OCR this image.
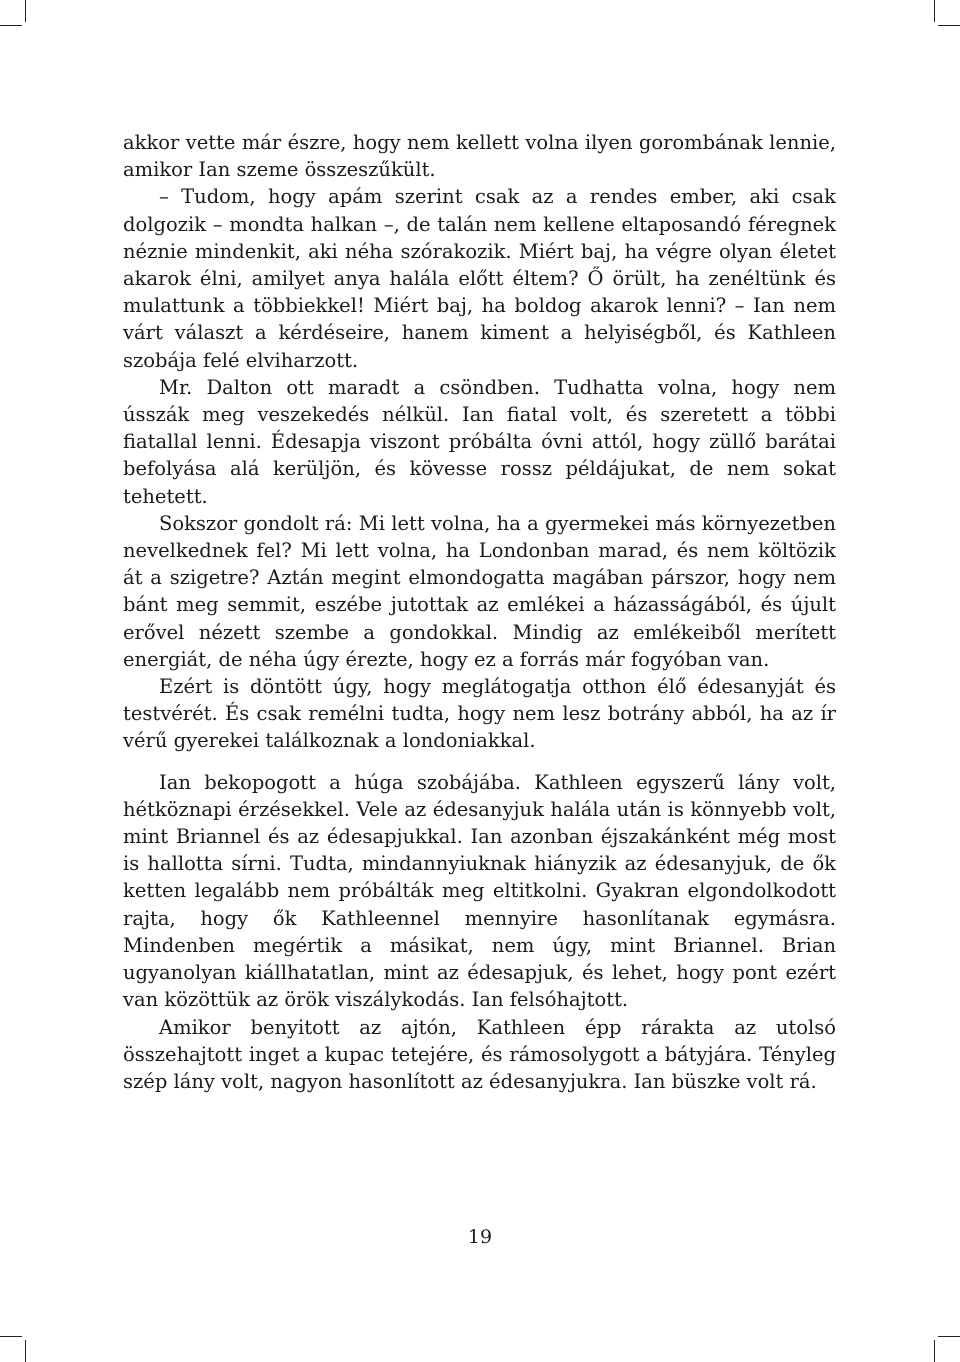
akkor vette már észre, hogy nem kellett volna ilyen gorombának lennie, amikor Ian szeme összeszűkült.

– Tudom, hogy apám szerint csak az a rendes ember, aki csak dolgozik – mondta halkan –, de talán nem kellene eltaposandó féregnek néznie mindenkit, aki néha szórakozik. Miért baj, ha végre olyan életet akarok élni, amilyet anya halála előtt éltem? Ő örült, ha zenéltünk és mulattunk a többiekkel! Miért baj, ha boldog akarok lenni? – Ian nem várt választ a kérdéseire, hanem kiment a helyiségből, és Kathleen szobája felé elviharzott.

Mr. Dalton ott maradt a csöndben. Tudhatta volna, hogy nem ússzák meg veszekedés nélkül. Ian fiatal volt, és szeretett a többi fiatallal lenni. Édesapja viszont próbálta óvni attól, hogy züllő barátai befolyása alá kerüljön, és kövesse rossz példájukat, de nem sokat tehetett.

Sokszor gondolt rá: Mi lett volna, ha a gyermekei más környezetben nevelkednek fel? Mi lett volna, ha Londonban marad, és nem költözik át a szigetre? Aztán megint elmondogatta magában párszor, hogy nem bánt meg semmit, eszébe jutottak az emlékei a házasságából, és újult erővel nézett szembe a gondokkal. Mindig az emlékeiből merített energiát, de néha úgy érezte, hogy ez a forrás már fogyóban van.

Ezért is döntött úgy, hogy meglátogatja otthon élő édesanyját és testvérét. És csak remélni tudta, hogy nem lesz botrány abból, ha az ír vérű gyerekei találkoznak a londoniakkal.

Ian bekopogott a húga szobájába. Kathleen egyszerű lány volt, hétköznapi érzésekkel. Vele az édesanyjuk halála után is könnyebb volt, mint Briannel és az édesapjukkal. Ian azonban éjszakánként még most is hallotta sírni. Tudta, mindannyiuknak hiányzik az édesanyjuk, de ők ketten legalább nem próbálták meg eltitkolni. Gyakran elgondolkodott rajta, hogy ők Kathleennel mennyire hasonlítanak egymásra. Mindenben megértik a másikat, nem úgy, mint Briannel. Brian ugyanolyan kiállhatatlan, mint az édesapjuk, és lehet, hogy pont ezért van közöttük az örök viszálykodás. Ian felsóhajtott.

Amikor benyitott az ajtón, Kathleen épp rárakta az utolsó összehajtott inget a kupac tetejére, és rámosolygott a bátyjára. Tényleg szép lány volt, nagyon hasonlított az édesanyjukra. Ian büszke volt rá.

19
